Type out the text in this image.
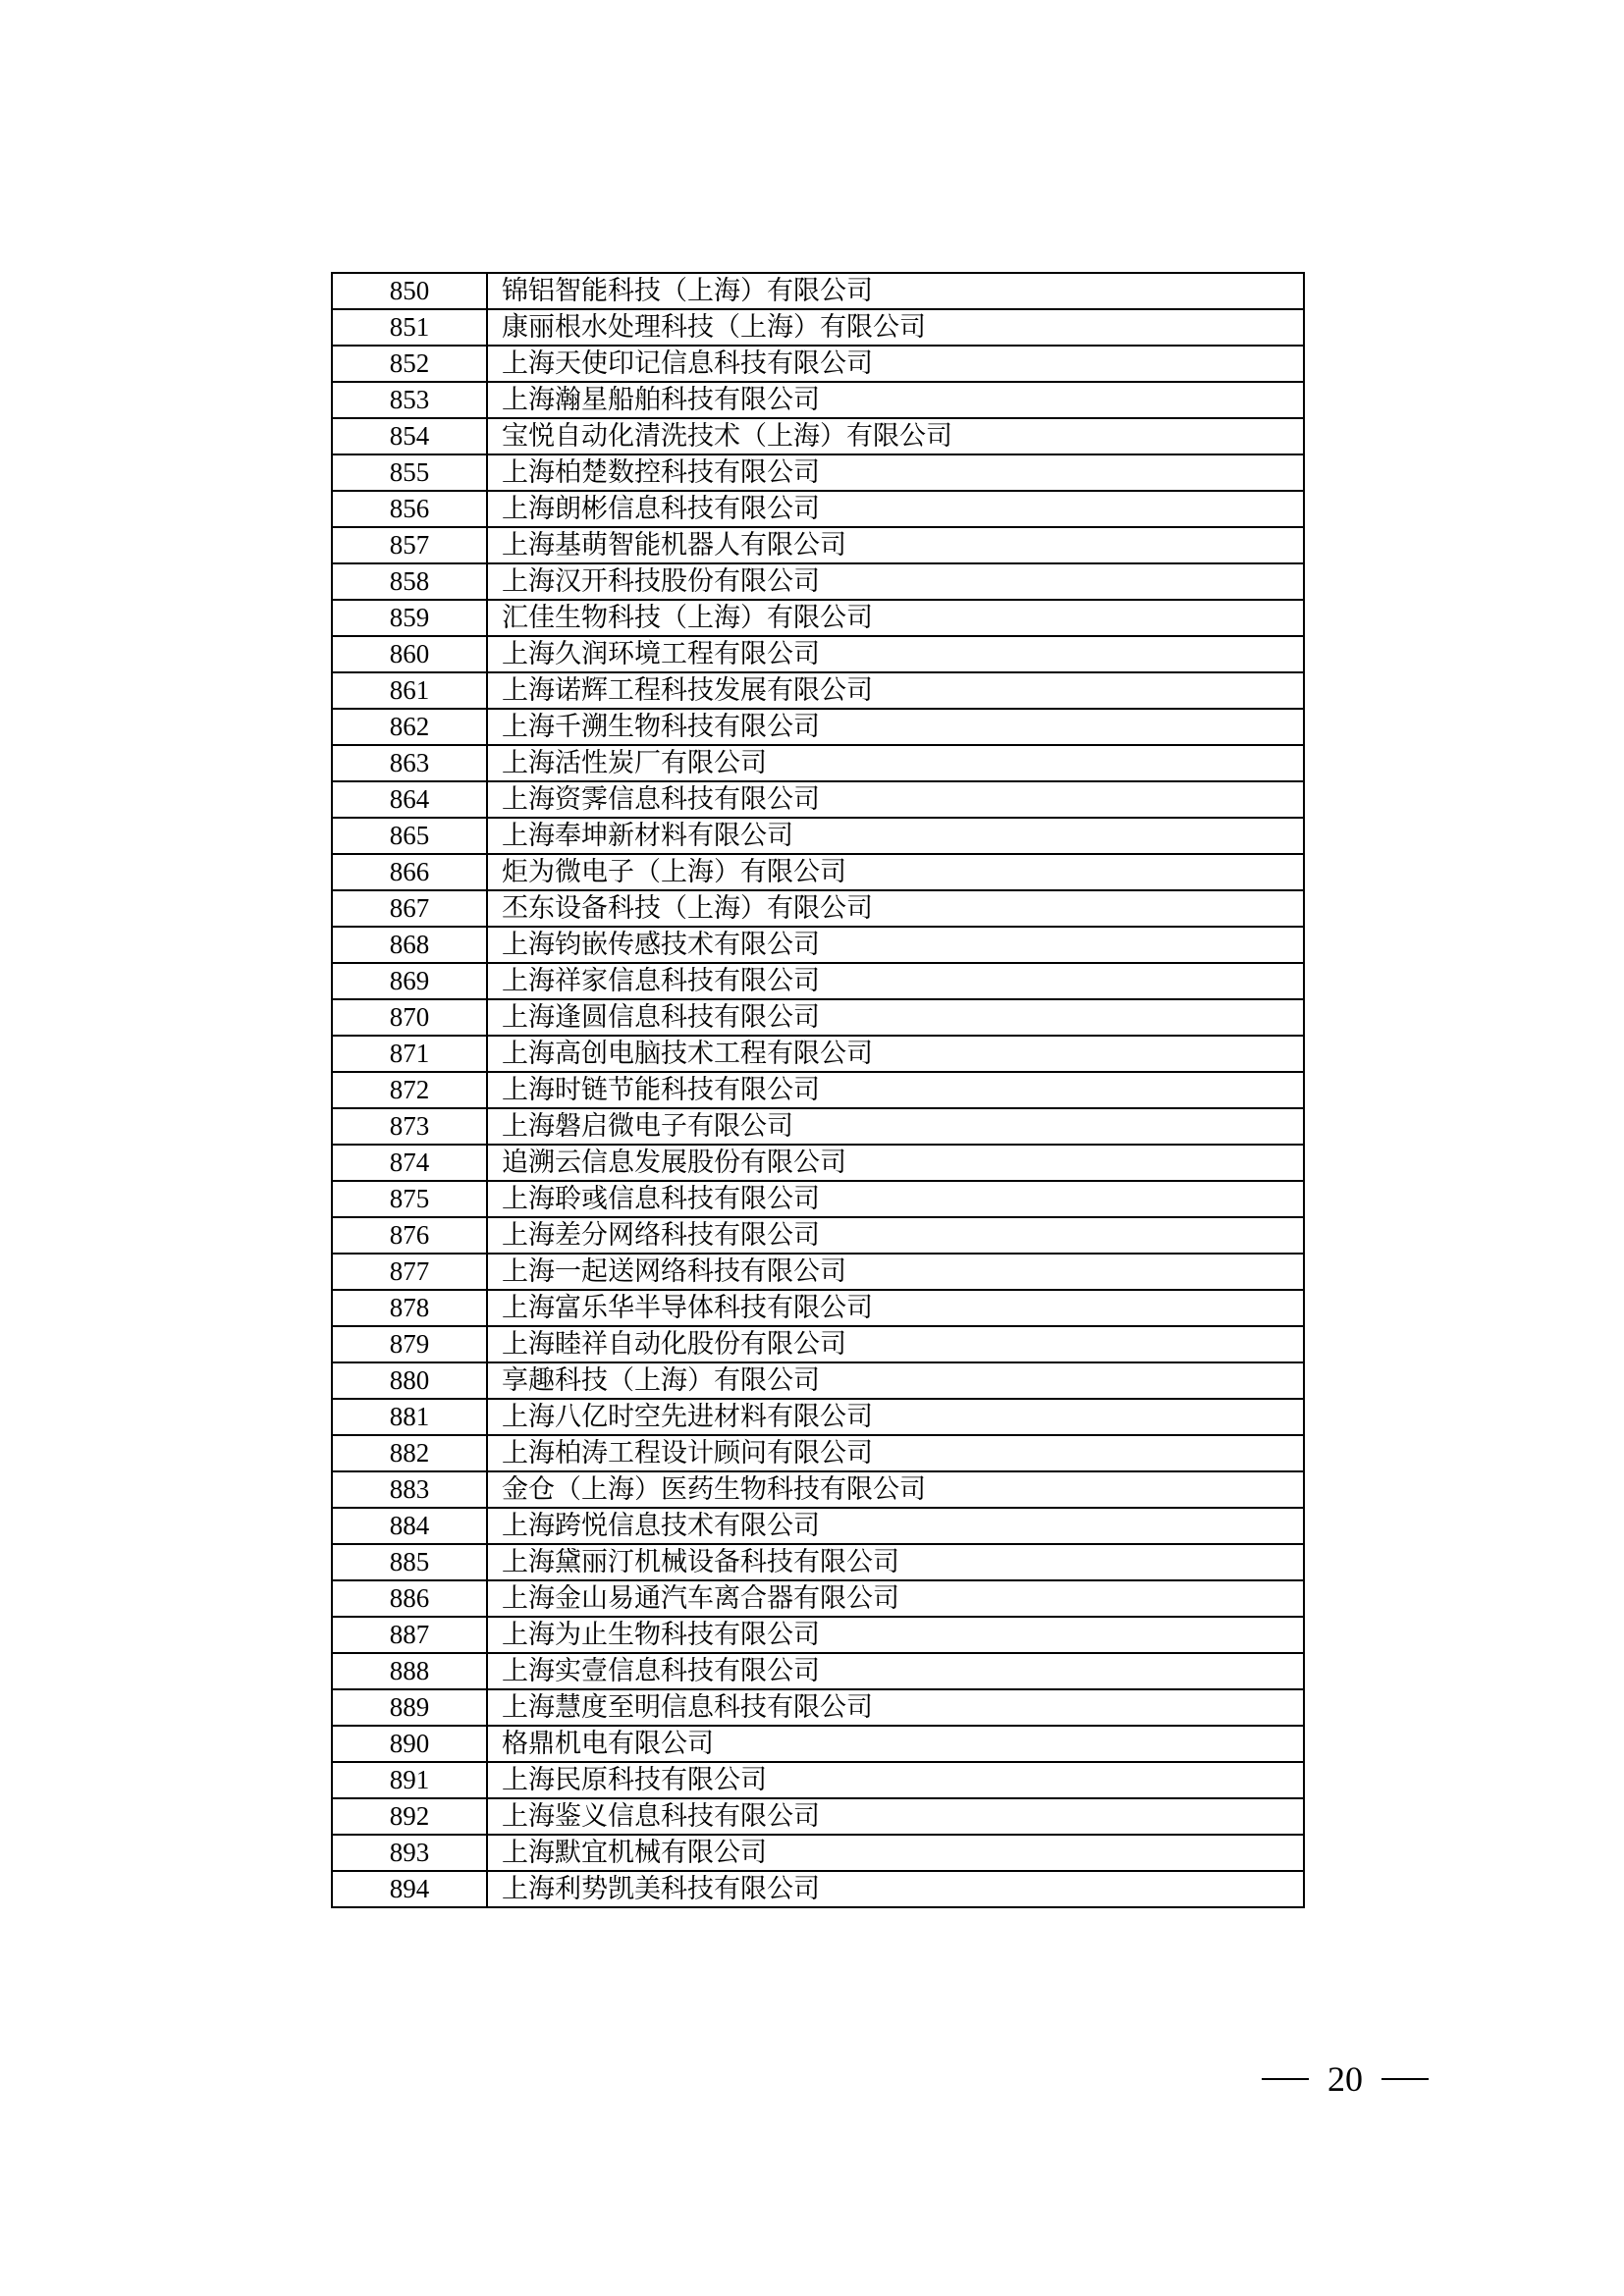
850	锦铝智能科技（上海）有限公司
851	康丽根水处理科技（上海）有限公司
852	上海天使印记信息科技有限公司
853	上海瀚星船舶科技有限公司
854	宝悦自动化清洗技术（上海）有限公司
855	上海柏楚数控科技有限公司
856	上海朗彬信息科技有限公司
857	上海基萌智能机器人有限公司
858	上海汉开科技股份有限公司
859	汇佳生物科技（上海）有限公司
860	上海久润环境工程有限公司
861	上海诺辉工程科技发展有限公司
862	上海千溯生物科技有限公司
863	上海活性炭厂有限公司
864	上海资霁信息科技有限公司
865	上海奉坤新材料有限公司
866	炬为微电子（上海）有限公司
867	丕东设备科技（上海）有限公司
868	上海钧嵌传感技术有限公司
869	上海祥家信息科技有限公司
870	上海逢圆信息科技有限公司
871	上海高创电脑技术工程有限公司
872	上海时链节能科技有限公司
873	上海磐启微电子有限公司
874	追溯云信息发展股份有限公司
875	上海聆彧信息科技有限公司
876	上海差分网络科技有限公司
877	上海一起送网络科技有限公司
878	上海富乐华半导体科技有限公司
879	上海睦祥自动化股份有限公司
880	享趣科技（上海）有限公司
881	上海八亿时空先进材料有限公司
882	上海柏涛工程设计顾问有限公司
883	金仓（上海）医药生物科技有限公司
884	上海跨悦信息技术有限公司
885	上海黛丽汀机械设备科技有限公司
886	上海金山易通汽车离合器有限公司
887	上海为止生物科技有限公司
888	上海实壹信息科技有限公司
889	上海慧度至明信息科技有限公司
890	格鼎机电有限公司
891	上海民原科技有限公司
892	上海鉴义信息科技有限公司
893	上海默宜机械有限公司
894	上海利势凯美科技有限公司
20
